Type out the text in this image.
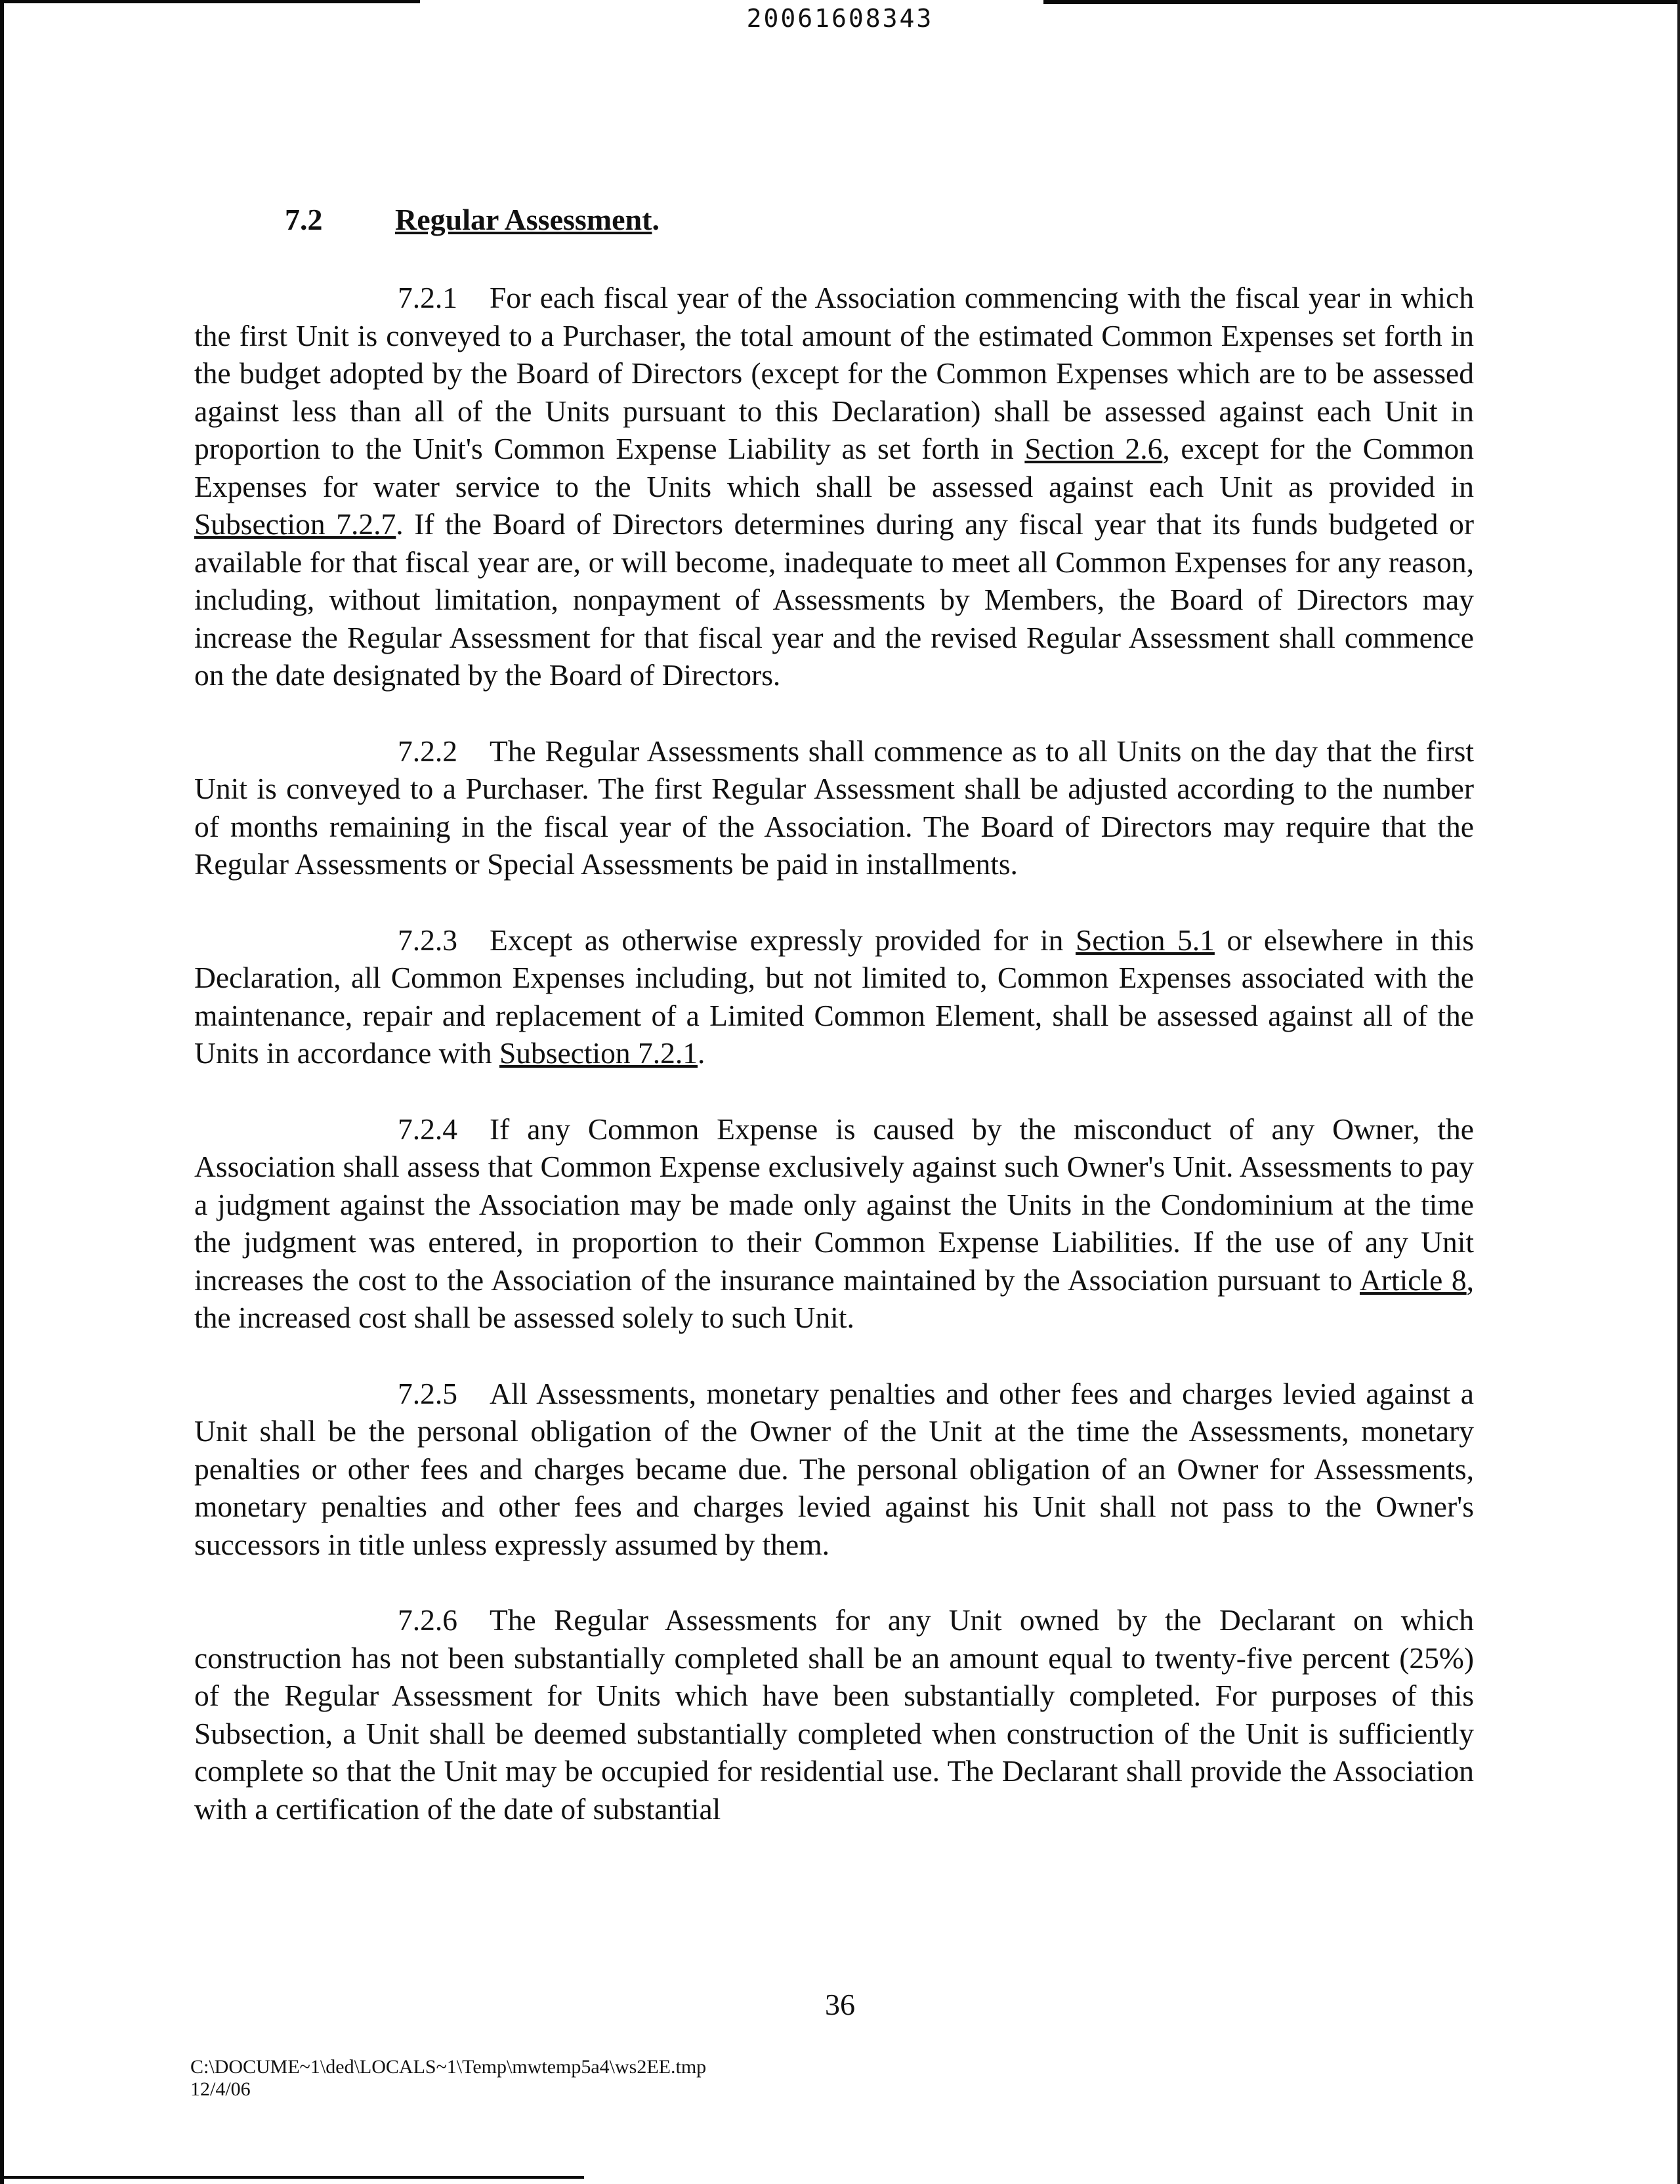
20061608343
7.2 Regular Assessment.

7.2.1 For each fiscal year of the Association commencing with the fiscal year in which the first Unit is conveyed to a Purchaser, the total amount of the estimated Common Expenses set forth in the budget adopted by the Board of Directors (except for the Common Expenses which are to be assessed against less than all of the Units pursuant to this Declaration) shall be assessed against each Unit in proportion to the Unit's Common Expense Liability as set forth in Section 2.6, except for the Common Expenses for water service to the Units which shall be assessed against each Unit as provided in Subsection 7.2.7. If the Board of Directors determines during any fiscal year that its funds budgeted or available for that fiscal year are, or will become, inadequate to meet all Common Expenses for any reason, including, without limitation, nonpayment of Assessments by Members, the Board of Directors may increase the Regular Assessment for that fiscal year and the revised Regular Assessment shall commence on the date designated by the Board of Directors.

7.2.2 The Regular Assessments shall commence as to all Units on the day that the first Unit is conveyed to a Purchaser. The first Regular Assessment shall be adjusted according to the number of months remaining in the fiscal year of the Association. The Board of Directors may require that the Regular Assessments or Special Assessments be paid in installments.

7.2.3 Except as otherwise expressly provided for in Section 5.1 or elsewhere in this Declaration, all Common Expenses including, but not limited to, Common Expenses associated with the maintenance, repair and replacement of a Limited Common Element, shall be assessed against all of the Units in accordance with Subsection 7.2.1.

7.2.4 If any Common Expense is caused by the misconduct of any Owner, the Association shall assess that Common Expense exclusively against such Owner's Unit. Assessments to pay a judgment against the Association may be made only against the Units in the Condominium at the time the judgment was entered, in proportion to their Common Expense Liabilities. If the use of any Unit increases the cost to the Association of the insurance maintained by the Association pursuant to Article 8, the increased cost shall be assessed solely to such Unit.

7.2.5 All Assessments, monetary penalties and other fees and charges levied against a Unit shall be the personal obligation of the Owner of the Unit at the time the Assessments, monetary penalties or other fees and charges became due. The personal obligation of an Owner for Assessments, monetary penalties and other fees and charges levied against his Unit shall not pass to the Owner's successors in title unless expressly assumed by them.

7.2.6 The Regular Assessments for any Unit owned by the Declarant on which construction has not been substantially completed shall be an amount equal to twenty-five percent (25%) of the Regular Assessment for Units which have been substantially completed. For purposes of this Subsection, a Unit shall be deemed substantially completed when construction of the Unit is sufficiently complete so that the Unit may be occupied for residential use. The Declarant shall provide the Association with a certification of the date of substantial

36
C:\DOCUME~1\ded\LOCALS~1\Temp\mwtemp5a4\ws2EE.tmp
12/4/06
